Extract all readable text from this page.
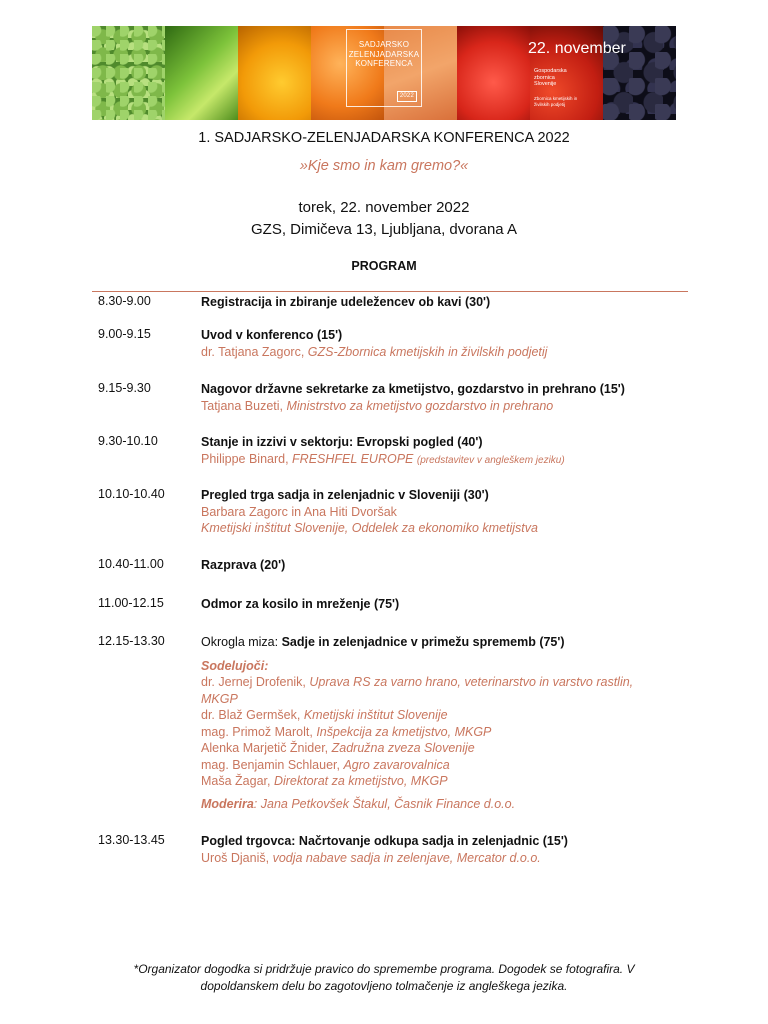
SADJARSKO
ZELENJADARSKA
KONFERENCA
2022
22. november
Gospodarska
zbornica
Slovenije
Zbornica kmetijskih in živilskih podjetij
1. SADJARSKO-ZELENJADARSKA KONFERENCA 2022
»Kje smo in kam gremo?«
torek, 22. november 2022
GZS, Dimičeva 13, Ljubljana, dvorana A
PROGRAM
8.30-9.00	Registracija in zbiranje udeležencev ob kavi (30')
9.00-9.15	Uvod v konferenco (15')
dr. Tatjana Zagorc, GZS-Zbornica kmetijskih in živilskih podjetij
9.15-9.30	Nagovor državne sekretarke za kmetijstvo, gozdarstvo in prehrano (15')
Tatjana Buzeti, Ministrstvo za kmetijstvo gozdarstvo in prehrano
9.30-10.10	Stanje in izzivi v sektorju: Evropski pogled (40')
Philippe Binard, FRESHFEL EUROPE (predstavitev v angleškem jeziku)
10.10-10.40	Pregled trga sadja in zelenjadnic v Sloveniji (30')
Barbara Zagorc in Ana Hiti Dvoršak
Kmetijski inštitut Slovenije, Oddelek za ekonomiko kmetijstva
10.40-11.00	Razprava (20')
11.00-12.15	Odmor za kosilo in mreženje (75')
12.15-13.30	Okrogla miza: Sadje in zelenjadnice v primežu sprememb (75')
Sodelujoči:
dr. Jernej Drofenik, Uprava RS za varno hrano, veterinarstvo in varstvo rastlin,
MKGP
dr. Blaž Germšek, Kmetijski inštitut Slovenije
mag. Primož Marolt, Inšpekcija za kmetijstvo, MKGP
Alenka Marjetič Žnider, Zadružna zveza Slovenije
mag. Benjamin Schlauer, Agro zavarovalnica
Maša Žagar, Direktorat za kmetijstvo, MKGP
Moderira: Jana Petkovšek Štakul, Časnik Finance d.o.o.
13.30-13.45	Pogled trgovca: Načrtovanje odkupa sadja in zelenjadnic (15')
Uroš Djaniš, vodja nabave sadja in zelenjave, Mercator d.o.o.
*Organizator dogodka si pridržuje pravico do spremembe programa. Dogodek se fotografira. V
dopoldanskem delu bo zagotovljeno tolmačenje iz angleškega jezika.
